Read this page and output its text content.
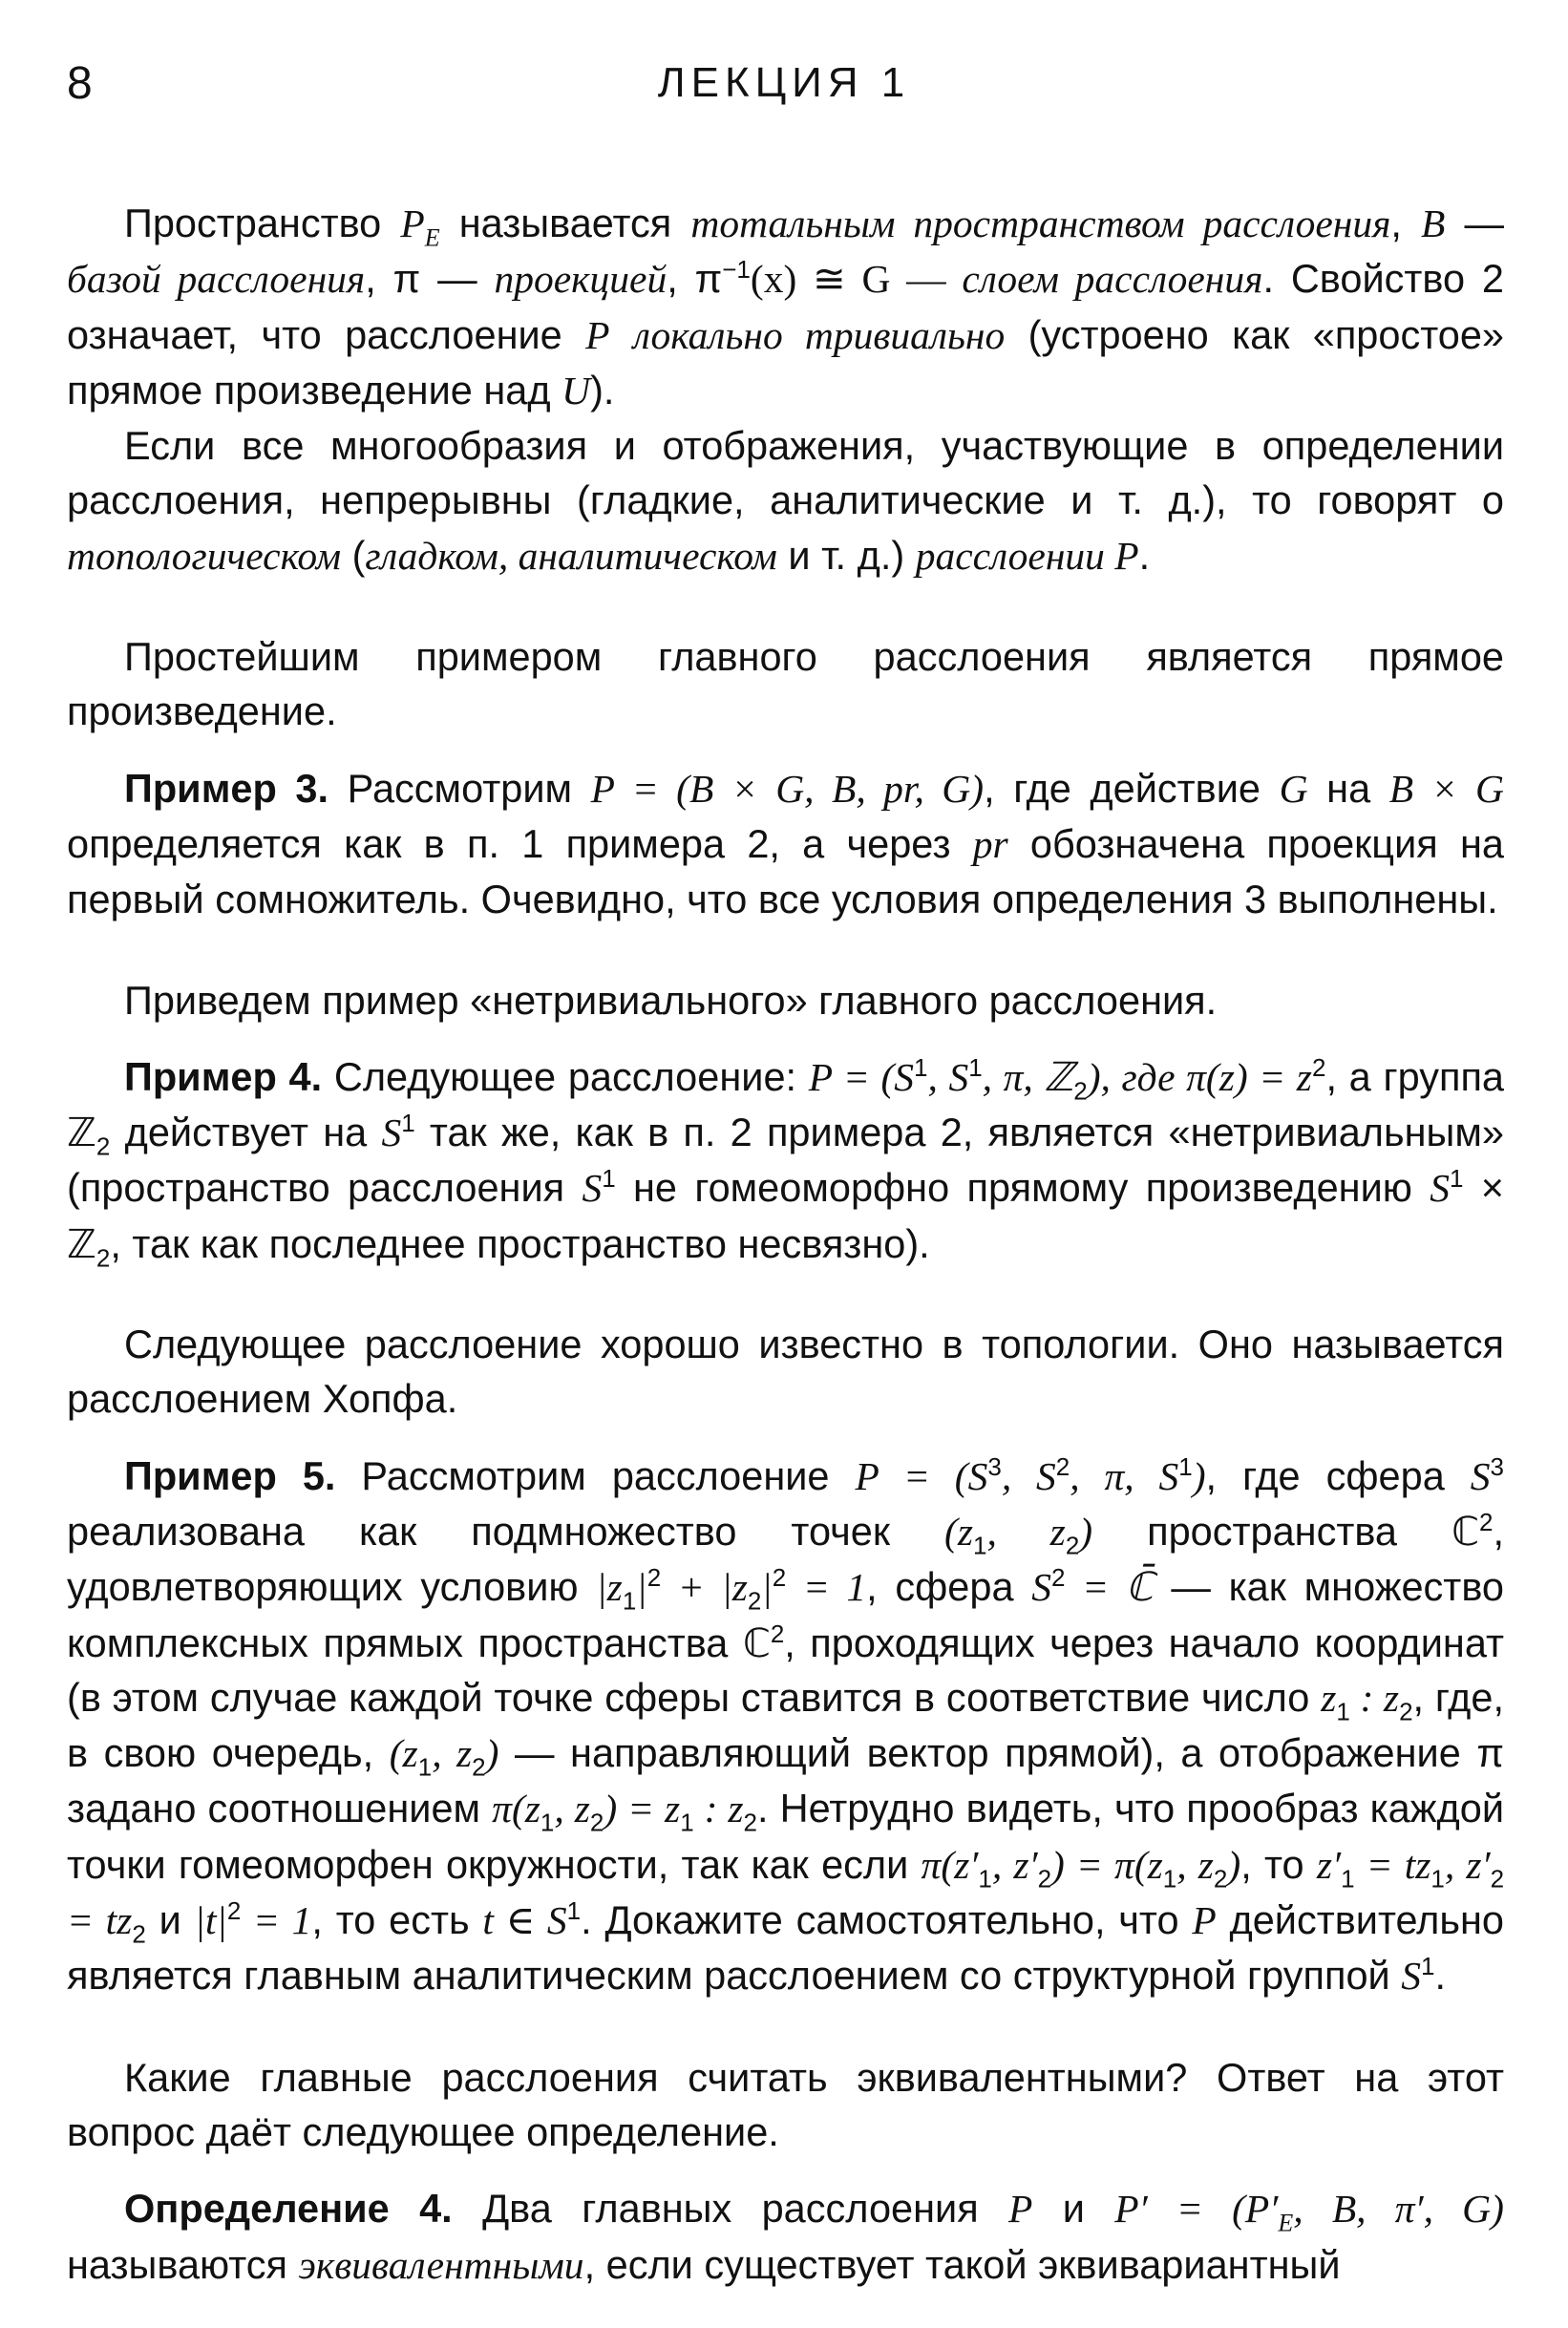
8	ЛЕКЦИЯ 1

Пространство $P_E$ называется тотальным пространством расслоения, B — базой расслоения, π — проекцией, $\pi^{-1}(x)$ ≅ G — слоем расслоения. Свойство 2 означает, что расслоение P локально тривиально (устроено как «простое» прямое произведение над U).

Если все многообразия и отображения, участвующие в определении расслоения, непрерывны (гладкие, аналитические и т. д.), то говорят о топологическом (гладком, аналитическом и т. д.) расслоении P.

Простейшим примером главного расслоения является прямое произведение.

Пример 3. Рассмотрим P = (B × G, B, pr, G), где действие G на B × G определяется как в п. 1 примера 2, а через pr обозначена проекция на первый сомножитель. Очевидно, что все условия определения 3 выполнены.

Приведем пример «нетривиального» главного расслоения.

Пример 4. Следующее расслоение: $P = (S^1$, $S^1$, π, ℤ$_2$), где $\pi(z) = z^2$, а группа ℤ$_2$ действует на $S^1$ так же, как в п. 2 примера 2, является «нетривиальным» (пространство расслоения $S^1$ не гомеоморфно прямому произведению $S^1$ × ℤ$_2$, так как последнее пространство несвязно).

Следующее расслоение хорошо известно в топологии. Оно называется расслоением Хопфа.

Пример 5. Рассмотрим расслоение $P = (S^3$, $S^2$, π, $S^1$), где сфера $S^3$ реализована как подмножество точек ($z_1$, $z_2$) пространства ℂ$^2$, удовлетворяющих условию $|z_1|^2 + |z_2|^2 = 1$, сфера $S^2$ = ℂ̄ — как множество комплексных прямых пространства ℂ$^2$, проходящих через начало координат (в этом случае каждой точке сферы ставится в соответствие число $z_1$ : $z_2$, где, в свою очередь, ($z_1$, $z_2$) — направляющий вектор прямой), а отображение π задано соотношением $\pi(z_1$, $z_2) = z_1$ : $z_2$. Нетрудно видеть, что прообраз каждой точки гомеоморфен окружности, так как если $\pi(z'_1$, $z'_2) = \pi(z_1$, $z_2$), то $z'_1 = tz_1$, $z'_2 = tz_2$ и $|t|^2 = 1$, то есть t ∈ $S^1$. Докажите самостоятельно, что P действительно является главным аналитическим расслоением со структурной группой $S^1$.

Какие главные расслоения считать эквивалентными? Ответ на этот вопрос даёт следующее определение.

Определение 4. Два главных расслоения P и $P' = (P'_E$, B, π′, G) называются эквивалентными, если существует такой эквивариантный
